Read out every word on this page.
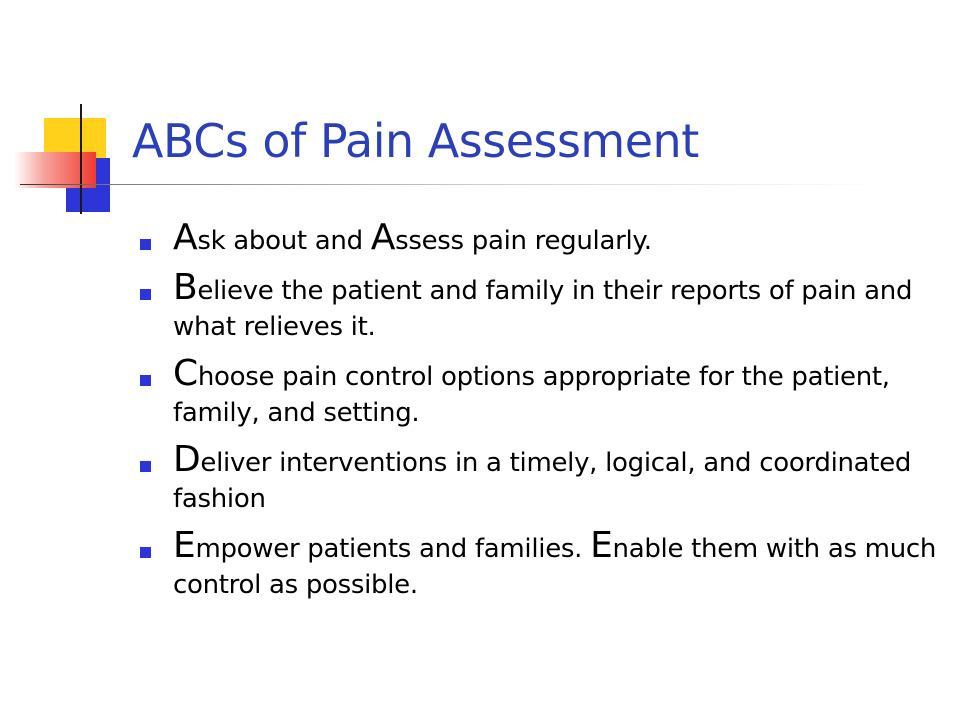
ABCs of Pain Assessment
Ask about and Assess pain regularly.
Believe the patient and family in their reports of pain and what relieves it.
Choose pain control options appropriate for the patient, family, and setting.
Deliver interventions in a timely, logical, and coordinated fashion
Empower patients and families. Enable them with as much control as possible.
